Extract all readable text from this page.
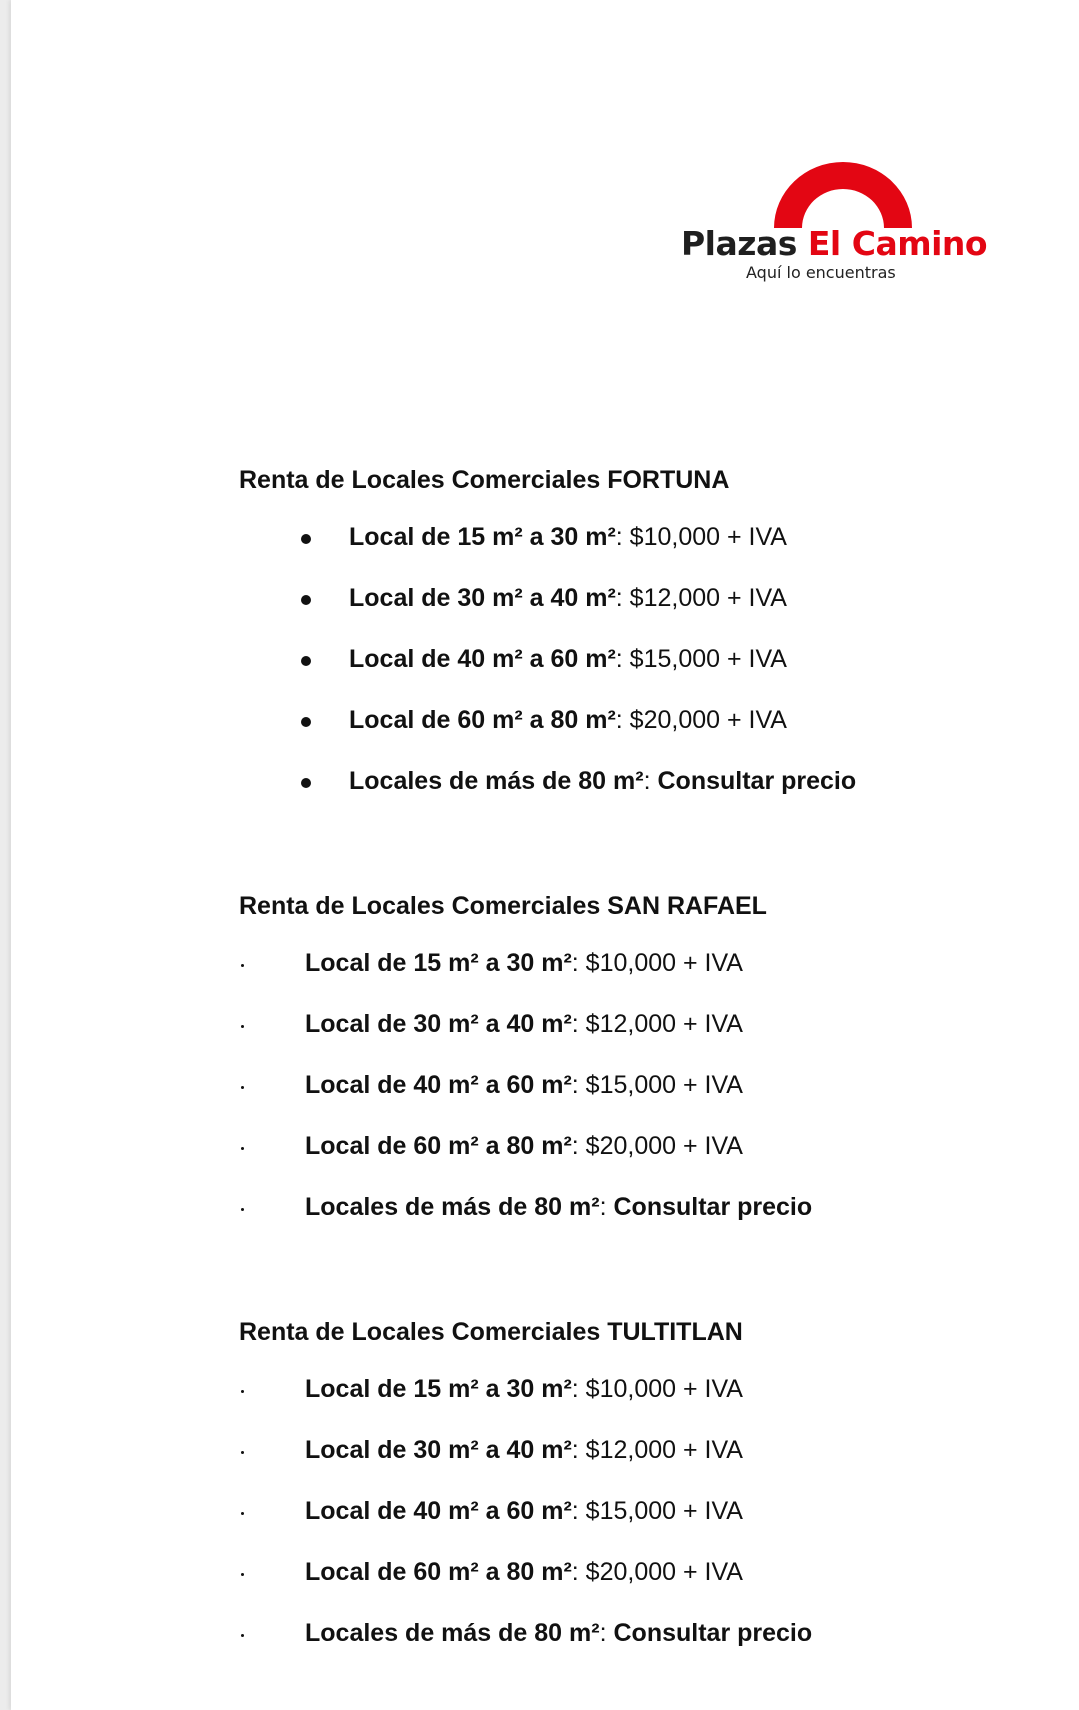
Plazas El Camino
Aquí lo encuentras
Renta de Locales Comerciales FORTUNA
Local de 15 m² a 30 m²: $10,000 + IVA
Local de 30 m² a 40 m²: $12,000 + IVA
Local de 40 m² a 60 m²: $15,000 + IVA
Local de 60 m² a 80 m²: $20,000 + IVA
Locales de más de 80 m²: Consultar precio
Renta de Locales Comerciales SAN RAFAEL
Local de 15 m² a 30 m²: $10,000 + IVA
Local de 30 m² a 40 m²: $12,000 + IVA
Local de 40 m² a 60 m²: $15,000 + IVA
Local de 60 m² a 80 m²: $20,000 + IVA
Locales de más de 80 m²: Consultar precio
Renta de Locales Comerciales TULTITLAN
Local de 15 m² a 30 m²: $10,000 + IVA
Local de 30 m² a 40 m²: $12,000 + IVA
Local de 40 m² a 60 m²: $15,000 + IVA
Local de 60 m² a 80 m²: $20,000 + IVA
Locales de más de 80 m²: Consultar precio
